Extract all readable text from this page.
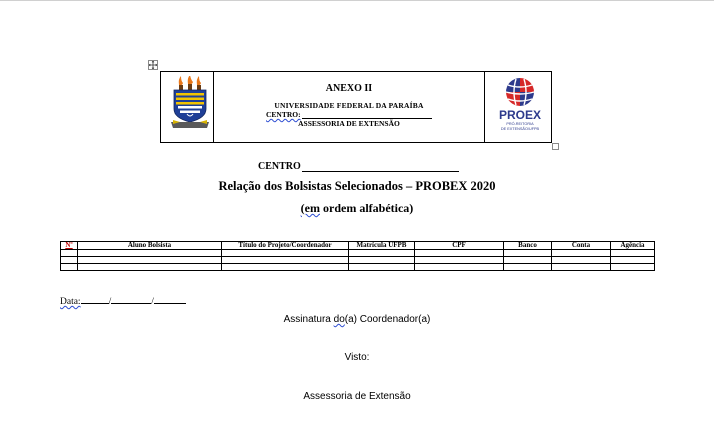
ANEXO II
UNIVERSIDADE FEDERAL DA PARAÍBA
CENTRO:
ASSESSORIA DE EXTENSÃO
PROEX
PRÓ-REITORIA
DE EXTENSÃO/UFPB
CENTRO
Relação dos Bolsistas Selecionados – PROBEX 2020
(em ordem alfabética)
Nº	Aluno Bolsista	Título do Projeto/Coordenador	Matrícula UFPB	CPF	Banco	Conta	Agência

Data:	/	/
Assinatura do(a) Coordenador(a)
Visto:
Assessoria de Extensão
